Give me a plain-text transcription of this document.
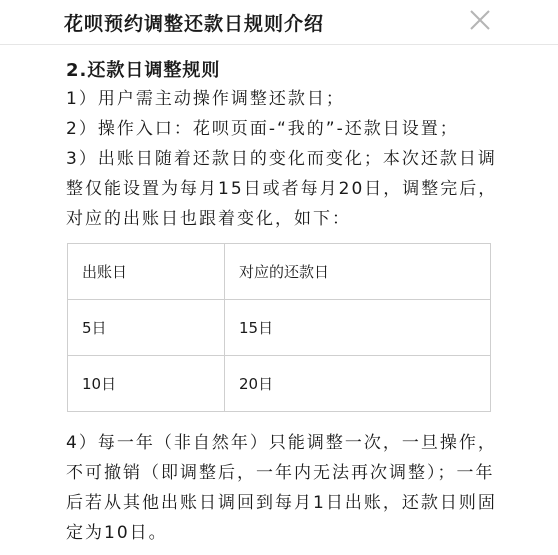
花呗预约调整还款日规则介绍

2.还款日调整规则

1）用户需主动操作调整还款日；

2）操作入口：花呗页面-“我的”-还款日设置；

3）出账日随着还款日的变化而变化；本次还款日调整仅能设置为每月15日或者每月20日，调整完后，对应的出账日也跟着变化，如下：

出账日	对应的还款日
5日	15日
10日	20日

4）每一年（非自然年）只能调整一次，一旦操作，不可撤销（即调整后，一年内无法再次调整）；一年后若从其他出账日调回到每月1日出账，还款日则固定为10日。
